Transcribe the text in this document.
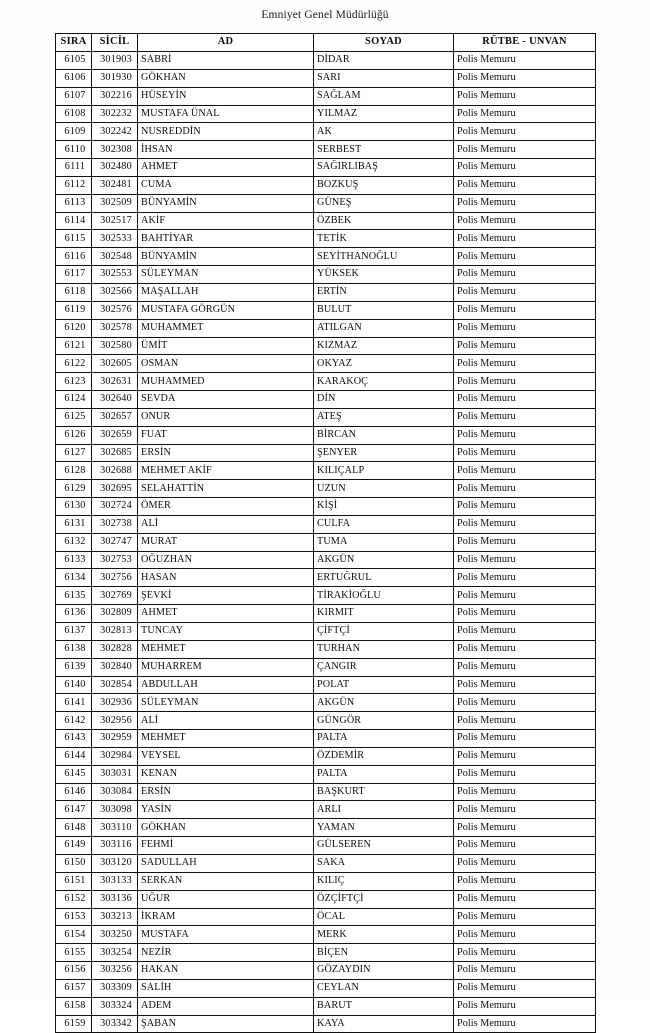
Emniyet Genel Müdürlüğü
SIRA	SİCİL	AD	SOYAD	RÜTBE - UNVAN
6105	301903	SABRİ	DİDAR	Polis Memuru
6106	301930	GÖKHAN	SARI	Polis Memuru
6107	302216	HÜSEYİN	SAĞLAM	Polis Memuru
6108	302232	MUSTAFA ÜNAL	YILMAZ	Polis Memuru
6109	302242	NUSREDDİN	AK	Polis Memuru
6110	302308	İHSAN	SERBEST	Polis Memuru
6111	302480	AHMET	SAĞIRLIBAŞ	Polis Memuru
6112	302481	CUMA	BOZKUŞ	Polis Memuru
6113	302509	BÜNYAMİN	GÜNEŞ	Polis Memuru
6114	302517	AKİF	ÖZBEK	Polis Memuru
6115	302533	BAHTİYAR	TETİK	Polis Memuru
6116	302548	BÜNYAMİN	SEYİTHANOĞLU	Polis Memuru
6117	302553	SÜLEYMAN	YÜKSEK	Polis Memuru
6118	302566	MAŞALLAH	ERTİN	Polis Memuru
6119	302576	MUSTAFA GÖRGÜN	BULUT	Polis Memuru
6120	302578	MUHAMMET	ATILGAN	Polis Memuru
6121	302580	ÜMİT	KIZMAZ	Polis Memuru
6122	302605	OSMAN	OKYAZ	Polis Memuru
6123	302631	MUHAMMED	KARAKOÇ	Polis Memuru
6124	302640	SEVDA	DİN	Polis Memuru
6125	302657	ONUR	ATEŞ	Polis Memuru
6126	302659	FUAT	BİRCAN	Polis Memuru
6127	302685	ERSİN	ŞENYER	Polis Memuru
6128	302688	MEHMET AKİF	KILIÇALP	Polis Memuru
6129	302695	SELAHATTİN	UZUN	Polis Memuru
6130	302724	ÖMER	KİŞİ	Polis Memuru
6131	302738	ALİ	CULFA	Polis Memuru
6132	302747	MURAT	TUMA	Polis Memuru
6133	302753	OĞUZHAN	AKGÜN	Polis Memuru
6134	302756	HASAN	ERTUĞRUL	Polis Memuru
6135	302769	ŞEVKİ	TİRAKİOĞLU	Polis Memuru
6136	302809	AHMET	KIRMIT	Polis Memuru
6137	302813	TUNCAY	ÇİFTÇİ	Polis Memuru
6138	302828	MEHMET	TURHAN	Polis Memuru
6139	302840	MUHARREM	ÇANGIR	Polis Memuru
6140	302854	ABDULLAH	POLAT	Polis Memuru
6141	302936	SÜLEYMAN	AKGÜN	Polis Memuru
6142	302956	ALİ	GÜNGÖR	Polis Memuru
6143	302959	MEHMET	PALTA	Polis Memuru
6144	302984	VEYSEL	ÖZDEMİR	Polis Memuru
6145	303031	KENAN	PALTA	Polis Memuru
6146	303084	ERSİN	BAŞKURT	Polis Memuru
6147	303098	YASİN	ARLI	Polis Memuru
6148	303110	GÖKHAN	YAMAN	Polis Memuru
6149	303116	FEHMİ	GÜLSEREN	Polis Memuru
6150	303120	SADULLAH	SAKA	Polis Memuru
6151	303133	SERKAN	KILIÇ	Polis Memuru
6152	303136	UĞUR	ÖZÇİFTÇİ	Polis Memuru
6153	303213	İKRAM	ÖCAL	Polis Memuru
6154	303250	MUSTAFA	MERK	Polis Memuru
6155	303254	NEZİR	BİÇEN	Polis Memuru
6156	303256	HAKAN	GÖZAYDIN	Polis Memuru
6157	303309	SALİH	CEYLAN	Polis Memuru
6158	303324	ADEM	BARUT	Polis Memuru
6159	303342	ŞABAN	KAYA	Polis Memuru
